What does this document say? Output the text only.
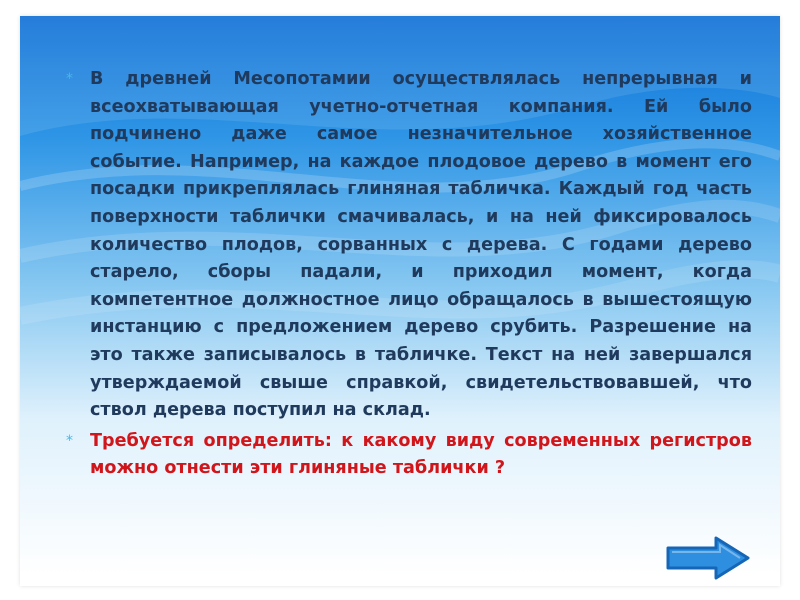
* В древней Месопотамии осуществлялась непрерывная и всеохватывающая учетно-отчетная компания. Ей было подчинено даже самое незначительное хозяйственное событие. Например, на каждое плодовое дерево в момент его посадки прикреплялась глиняная табличка. Каждый год часть поверхности таблички смачивалась, и на ней фиксировалось количество плодов, сорванных с дерева. С годами дерево старело, сборы падали, и приходил момент, когда компетентное должностное лицо обращалось в вышестоящую инстанцию с предложением дерево срубить. Разрешение на это также записывалось в табличке. Текст на ней завершался утверждаемой свыше справкой, свидетельствовавшей, что ствол дерева поступил на склад.

* Требуется определить: к какому виду современных регистров можно отнести эти глиняные таблички ?
